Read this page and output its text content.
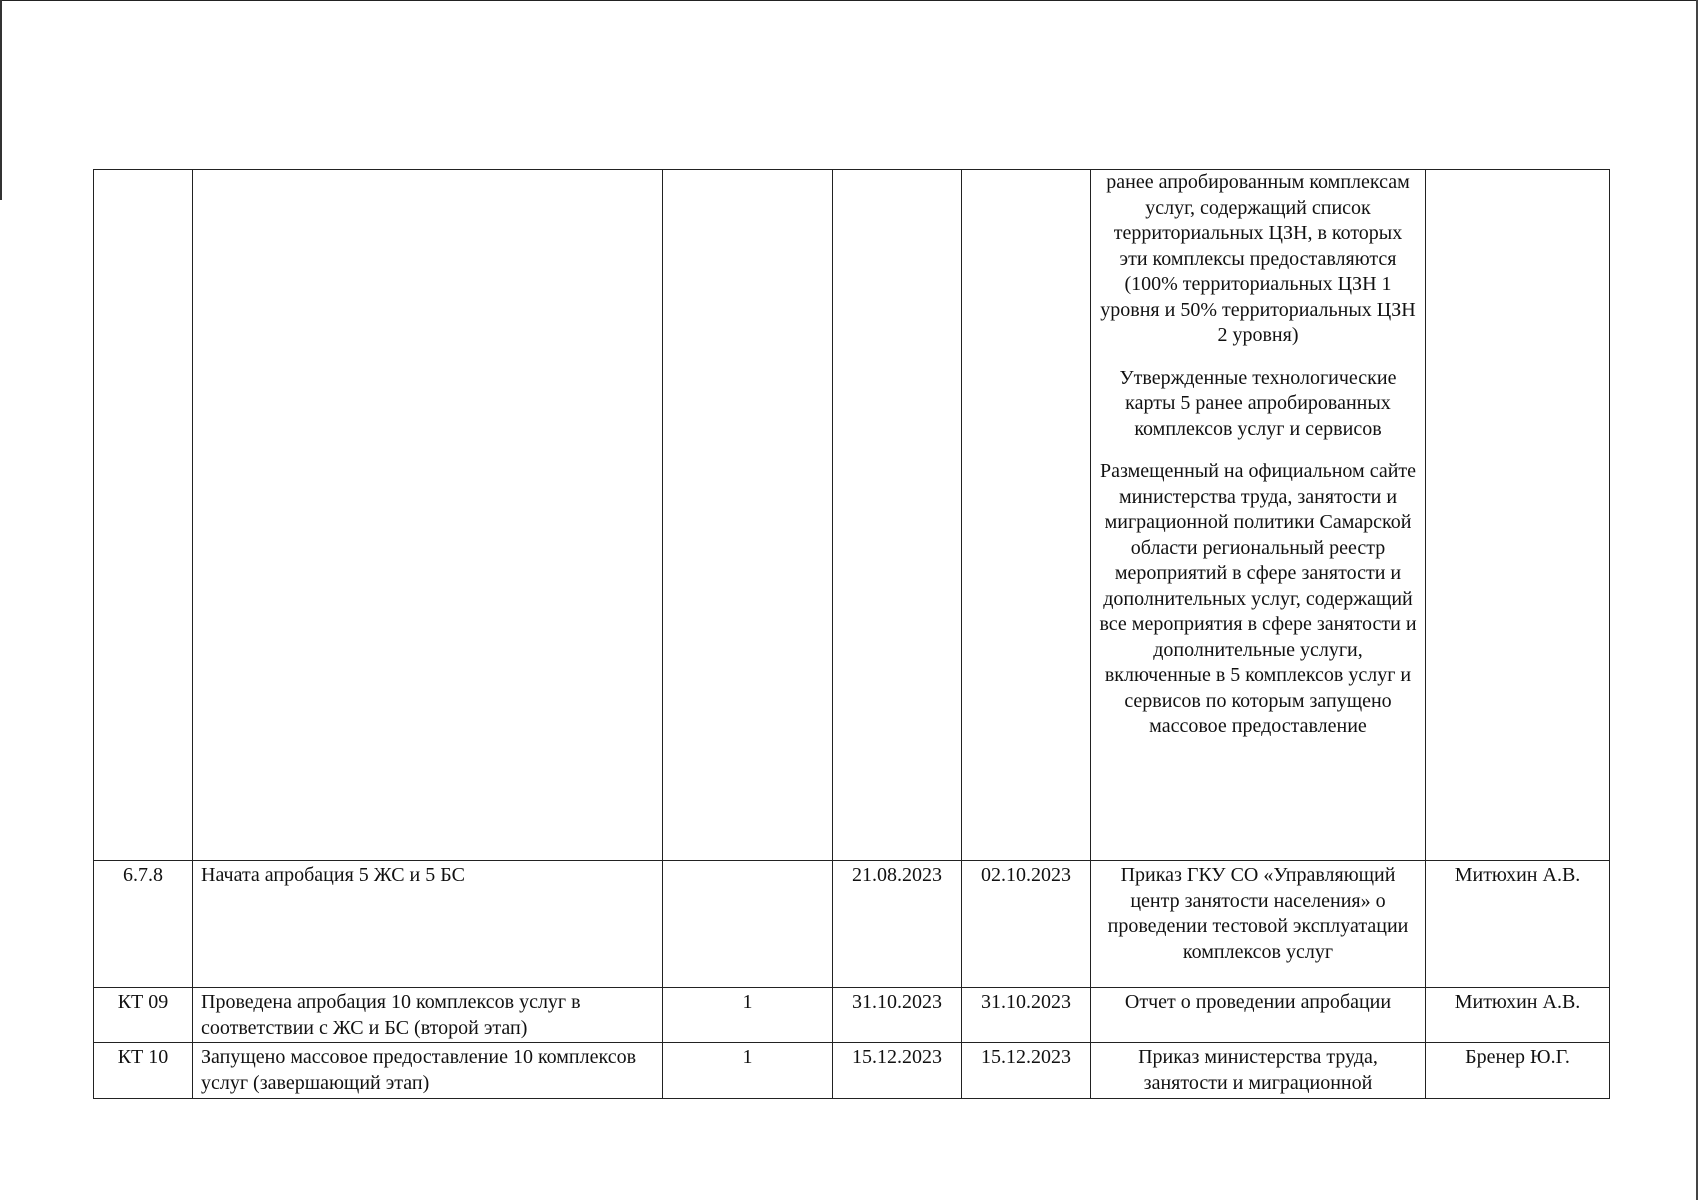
					ранее апробированным комплексам услуг, содержащий список территориальных ЦЗН, в которых эти комплексы предоставляются (100% территориальных ЦЗН 1 уровня и 50% территориальных ЦЗН 2 уровня)

Утвержденные технологические карты 5 ранее апробированных комплексов услуг и сервисов

Размещенный на официальном сайте министерства труда, занятости и миграционной политики Самарской области региональный реестр мероприятий в сфере занятости и дополнительных услуг, содержащий все мероприятия в сфере занятости и дополнительные услуги, включенные в 5 комплексов услуг и сервисов по которым запущено массовое предоставление	

6.7.8	Начата апробация 5 ЖС и 5 БС		21.08.2023	02.10.2023	Приказ ГКУ СО «Управляющий центр занятости населения» о проведении тестовой эксплуатации комплексов услуг	Митюхин А.В.
КТ 09	Проведена апробация 10 комплексов услуг в соответствии с ЖС и БС (второй этап)	1	31.10.2023	31.10.2023	Отчет о проведении апробации	Митюхин А.В.
КТ 10	Запущено массовое предоставление 10 комплексов услуг (завершающий этап)	1	15.12.2023	15.12.2023	Приказ министерства труда, занятости и миграционной	Бренер Ю.Г.
